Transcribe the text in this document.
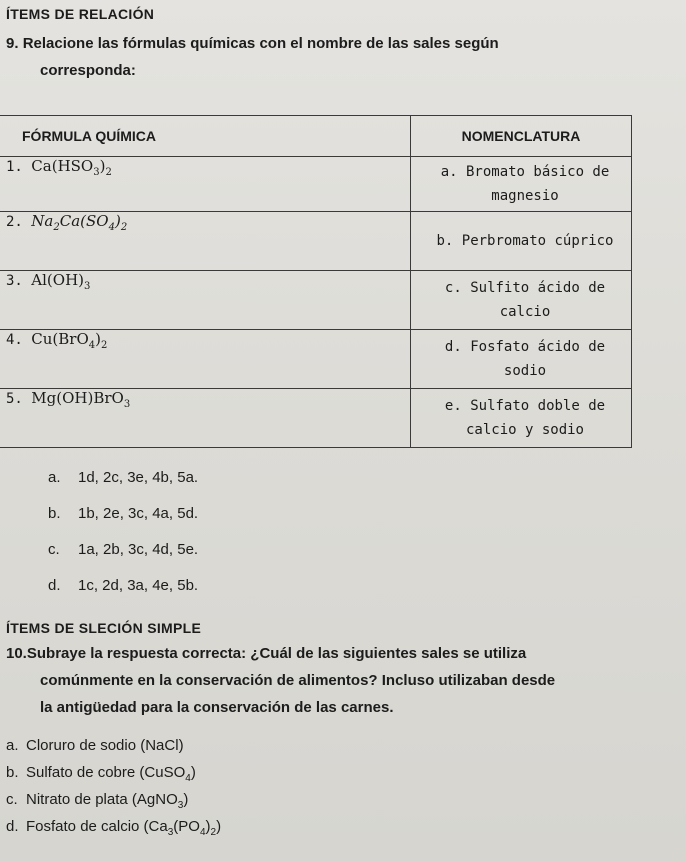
ÍTEMS DE RELACIÓN
9. Relacione las fórmulas químicas con el nombre de las sales según
corresponda:
FÓRMULA QUÍMICA	NOMENCLATURA
1. $Ca(HSO_3)_2$	a. Bromato básico de magnesio
2. $Na_2Ca(SO_4)_2$	b. Perbromato cúprico
3. $Al(OH)_3$	c. Sulfito ácido de calcio
4. $Cu(BrO_4)_2$	d. Fosfato ácido de sodio
5. Mg(OH)BrO$_3$	e. Sulfato doble de calcio y sodio
a. 1d, 2c, 3e, 4b, 5a.
b. 1b, 2e, 3c, 4a, 5d.
c. 1a, 2b, 3c, 4d, 5e.
d. 1c, 2d, 3a, 4e, 5b.
ÍTEMS DE SLECIÓN SIMPLE
10.Subraye la respuesta correcta: ¿Cuál de las siguientes sales se utiliza
comúnmente en la conservación de alimentos? Incluso utilizaban desde
la antigüedad para la conservación de las carnes.
a. Cloruro de sodio (NaCl)
b. Sulfato de cobre (CuSO$_4$)
c. Nitrato de plata (AgNO$_3$)
d. Fosfato de calcio $(Ca_3(PO_4)_2)$
